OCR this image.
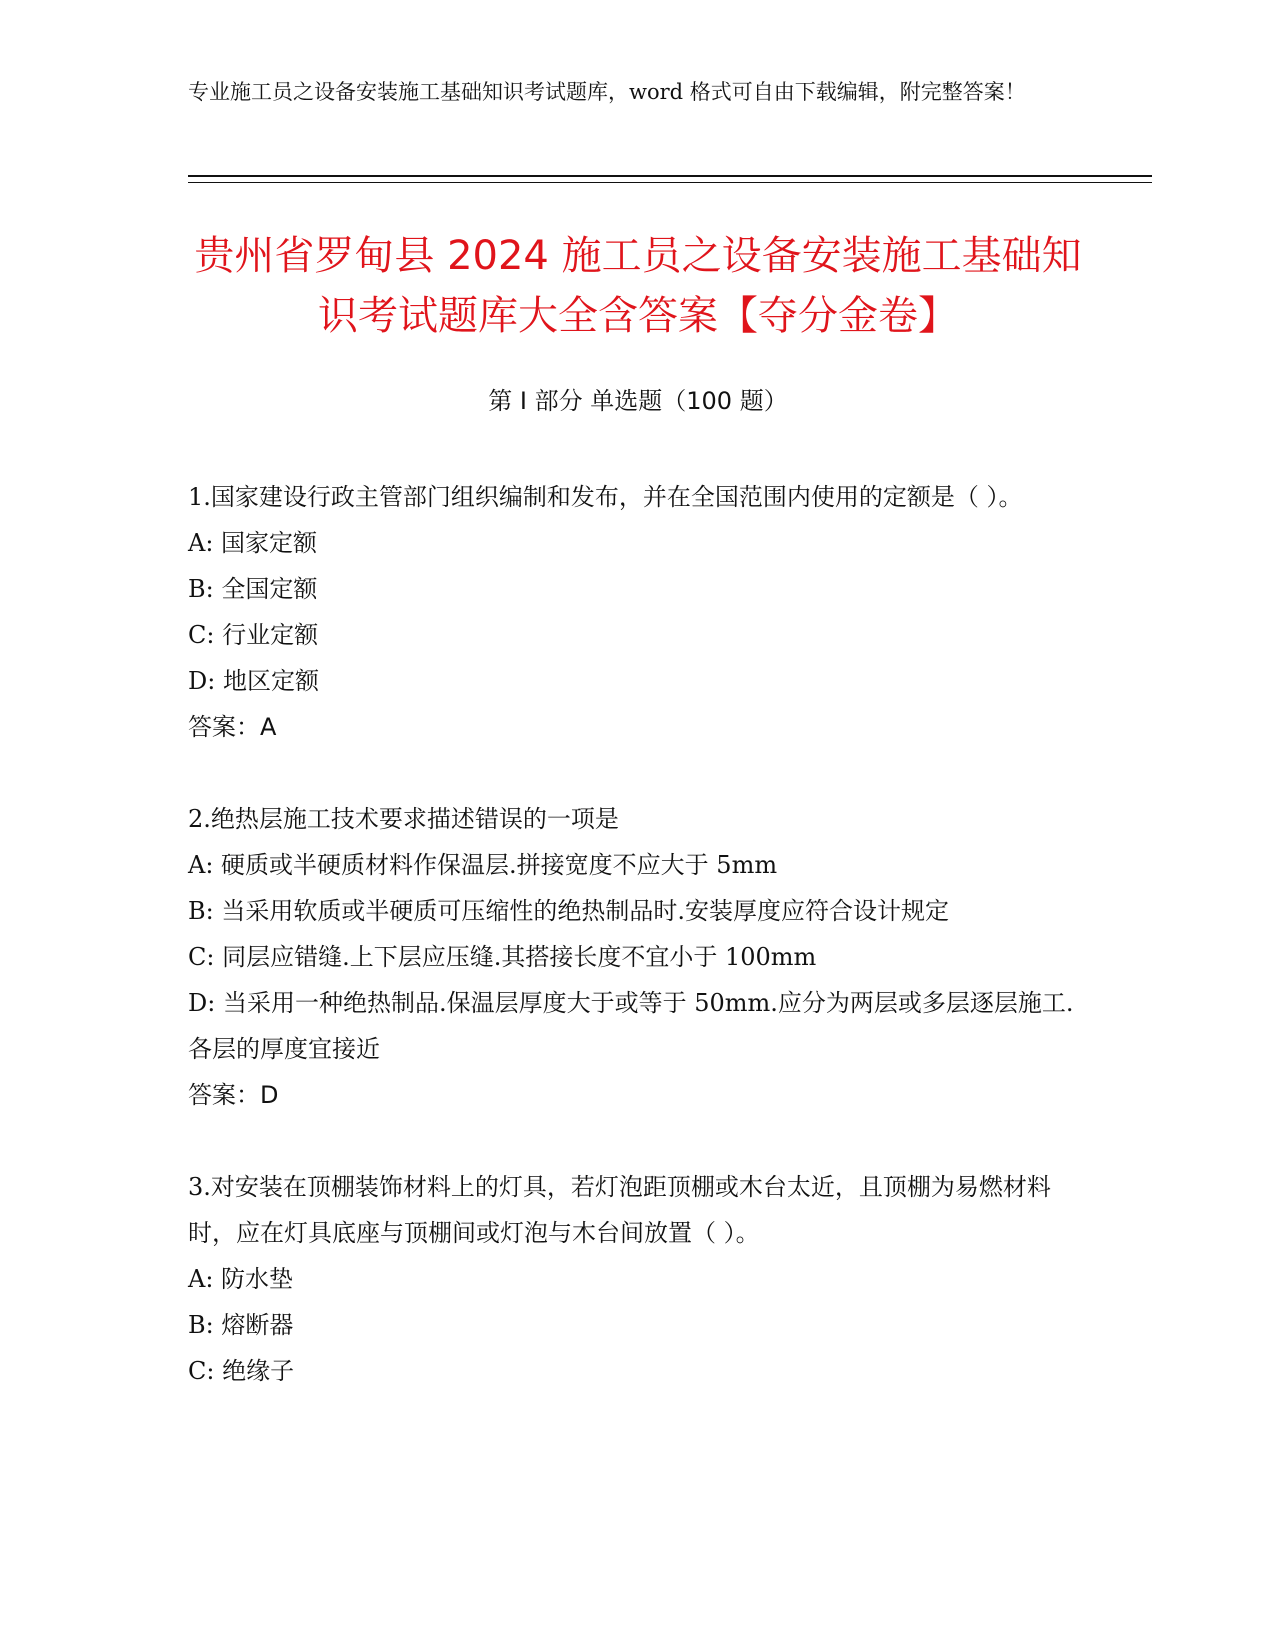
专业施工员之设备安装施工基础知识考试题库，word 格式可自由下载编辑，附完整答案！
贵州省罗甸县 2024 施工员之设备安装施工基础知识考试题库大全含答案【夺分金卷】
第 I 部分 单选题（100 题）

1.国家建设行政主管部门组织编制和发布，并在全国范围内使用的定额是（ ）。

A: 国家定额

B: 全国定额

C: 行业定额

D: 地区定额

答案：A

2.绝热层施工技术要求描述错误的一项是

A: 硬质或半硬质材料作保温层.拼接宽度不应大于 5mm

B: 当采用软质或半硬质可压缩性的绝热制品时.安装厚度应符合设计规定

C: 同层应错缝.上下层应压缝.其搭接长度不宜小于 100mm

D: 当采用一种绝热制品.保温层厚度大于或等于 50mm.应分为两层或多层逐层施工.各层的厚度宜接近

答案：D

3.对安装在顶棚装饰材料上的灯具，若灯泡距顶棚或木台太近，且顶棚为易燃材料时，应在灯具底座与顶棚间或灯泡与木台间放置（ ）。

A: 防水垫

B: 熔断器

C: 绝缘子
